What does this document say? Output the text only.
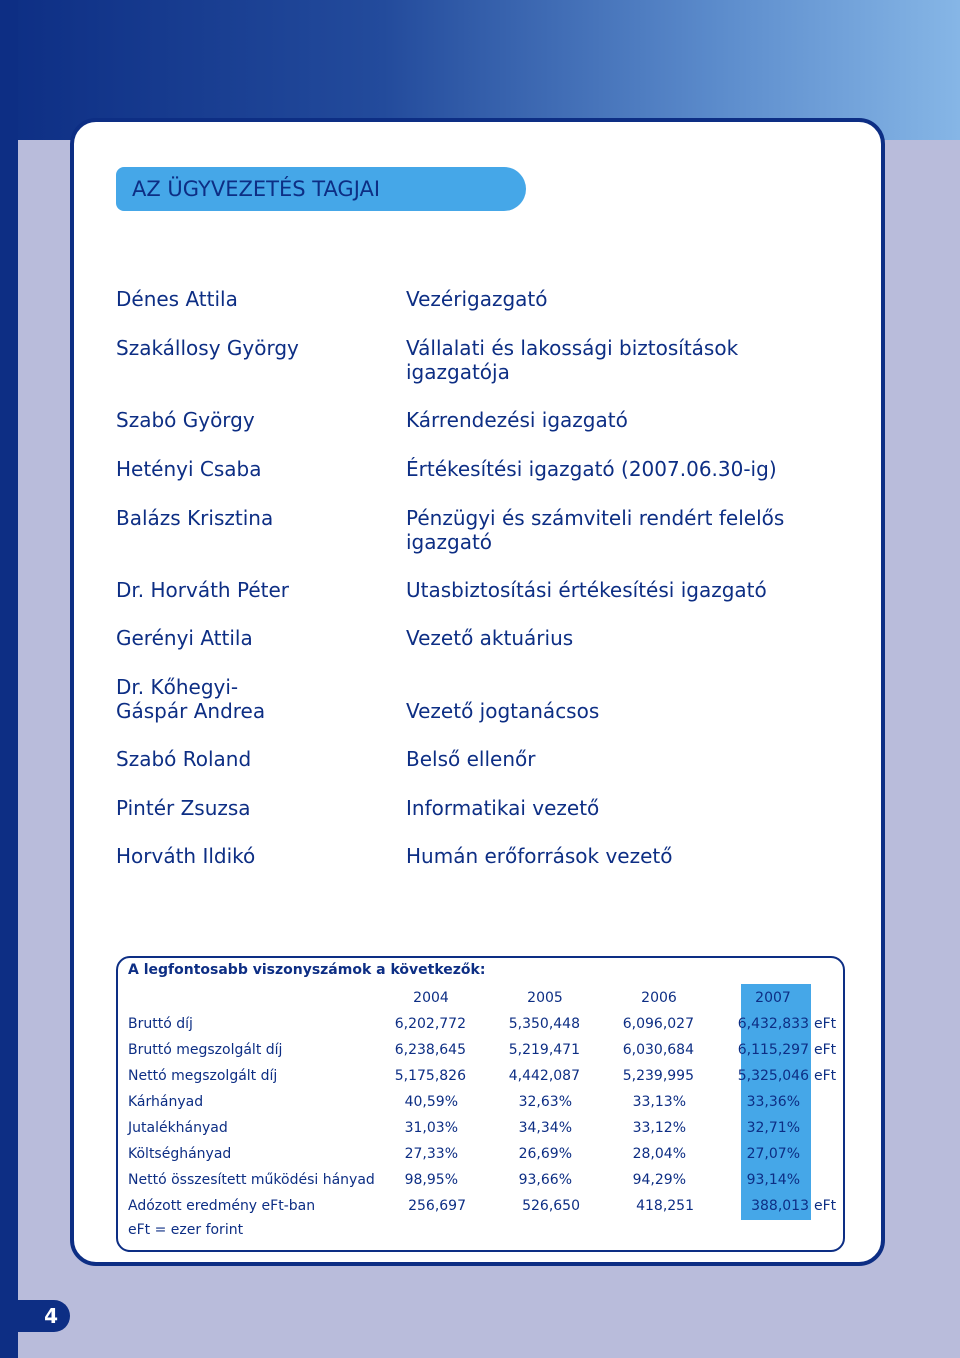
AZ ÜGYVEZETÉS TAGJAI
Dénes Attila	Vezérigazgató
Szakállosy György	Vállalati és lakossági biztosítások igazgatója
Szabó György	Kárrendezési igazgató
Hetényi Csaba	Értékesítési igazgató (2007.06.30-ig)
Balázs Krisztina	Pénzügyi és számviteli rendért felelős igazgató
Dr. Horváth Péter	Utasbiztosítási értékesítési igazgató
Gerényi Attila	Vezető aktuárius
Dr. Kőhegyi-Gáspár Andrea	Vezető jogtanácsos
Szabó Roland	Belső ellenőr
Pintér Zsuzsa	Informatikai vezető
Horváth Ildikó	Humán erőforrások vezető
A legfontosabb viszonyszámok a következők:
2004	2005	2006	2007
Bruttó díj	6,202,772	5,350,448	6,096,027	6,432,833 eFt
Bruttó megszolgált díj	6,238,645	5,219,471	6,030,684	6,115,297 eFt
Nettó megszolgált díj	5,175,826	4,442,087	5,239,995	5,325,046 eFt
Kárhányad	40,59%	32,63%	33,13%	33,36%
Jutalékhányad	31,03%	34,34%	33,12%	32,71%
Költséghányad	27,33%	26,69%	28,04%	27,07%
Nettó összesített működési hányad	98,95%	93,66%	94,29%	93,14%
Adózott eredmény eFt-ban	256,697	526,650	418,251	388,013 eFt
eFt = ezer forint
4
